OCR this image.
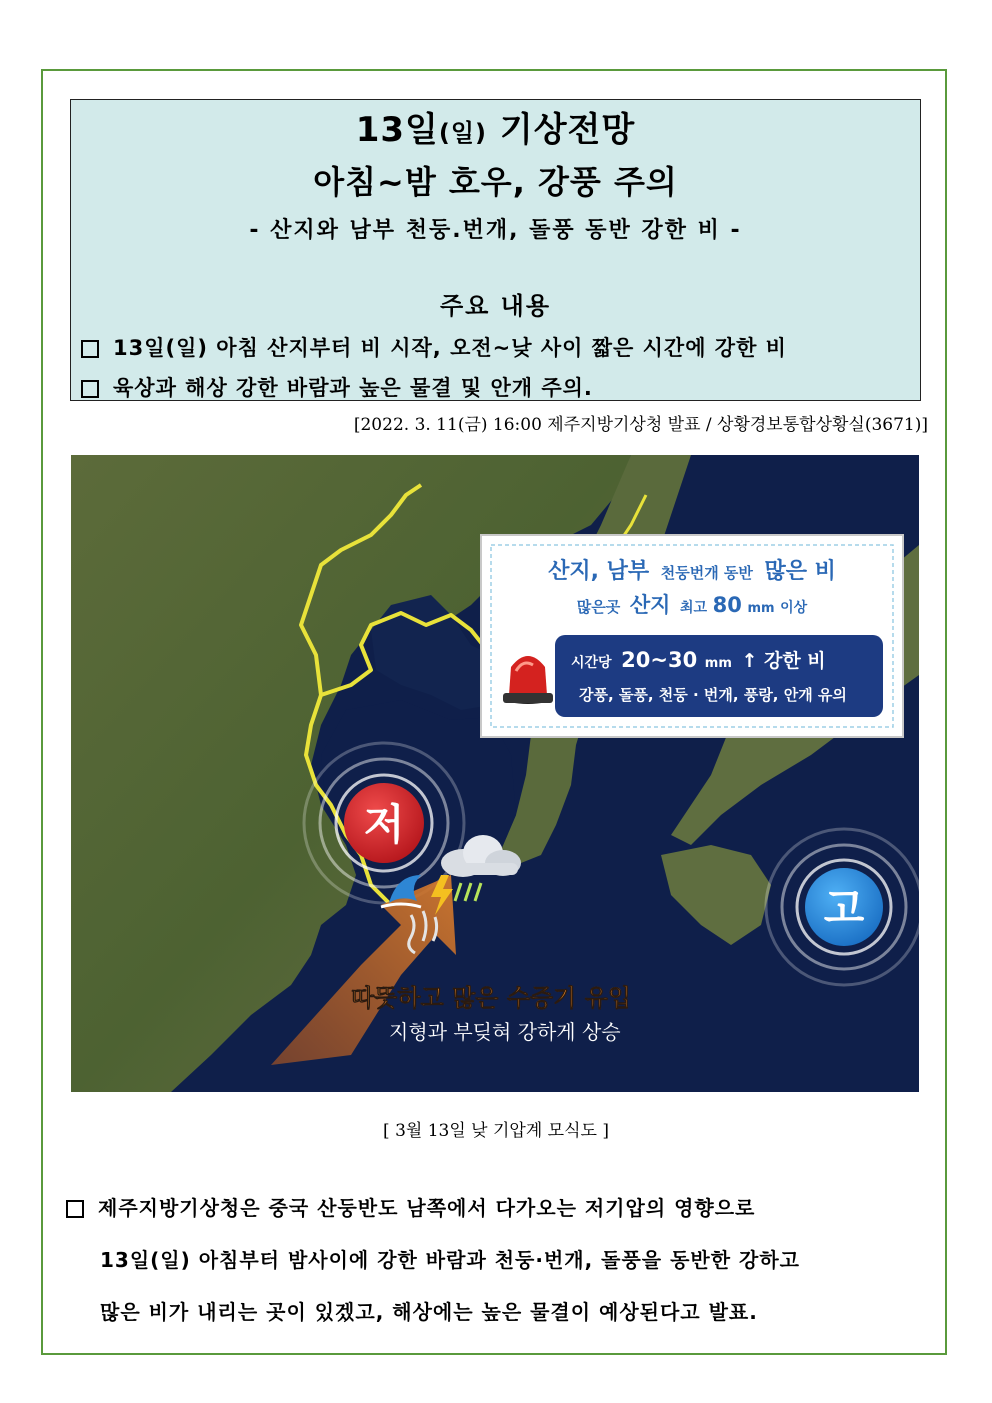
13일(일) 기상전망
아침~밤 호우, 강풍 주의
- 산지와 남부 천둥.번개, 돌풍 동반 강한 비 -
주요 내용
13일(일) 아침 산지부터 비 시작, 오전~낮 사이 짧은 시간에 강한 비
육상과 해상 강한 바람과 높은 물결 및 안개 주의.
[2022. 3. 11(금) 16:00 제주지방기상청 발표 / 상황경보통합상황실(3671)]
산지, 남부 천둥번개 동반 많은 비
많은곳 산지 최고 80 mm 이상
시간당 20~30 mm ↑ 강한 비
강풍, 돌풍, 천둥 · 번개, 풍랑, 안개 유의
저
고
따뜻하고 많은 수증기 유입
지형과 부딪혀 강하게 상승
[ 3월 13일 낮 기압계 모식도 ]
제주지방기상청은 중국 산둥반도 남쪽에서 다가오는 저기압의 영향으로
13일(일) 아침부터 밤사이에 강한 바람과 천둥·번개, 돌풍을 동반한 강하고
많은 비가 내리는 곳이 있겠고, 해상에는 높은 물결이 예상된다고 발표.
